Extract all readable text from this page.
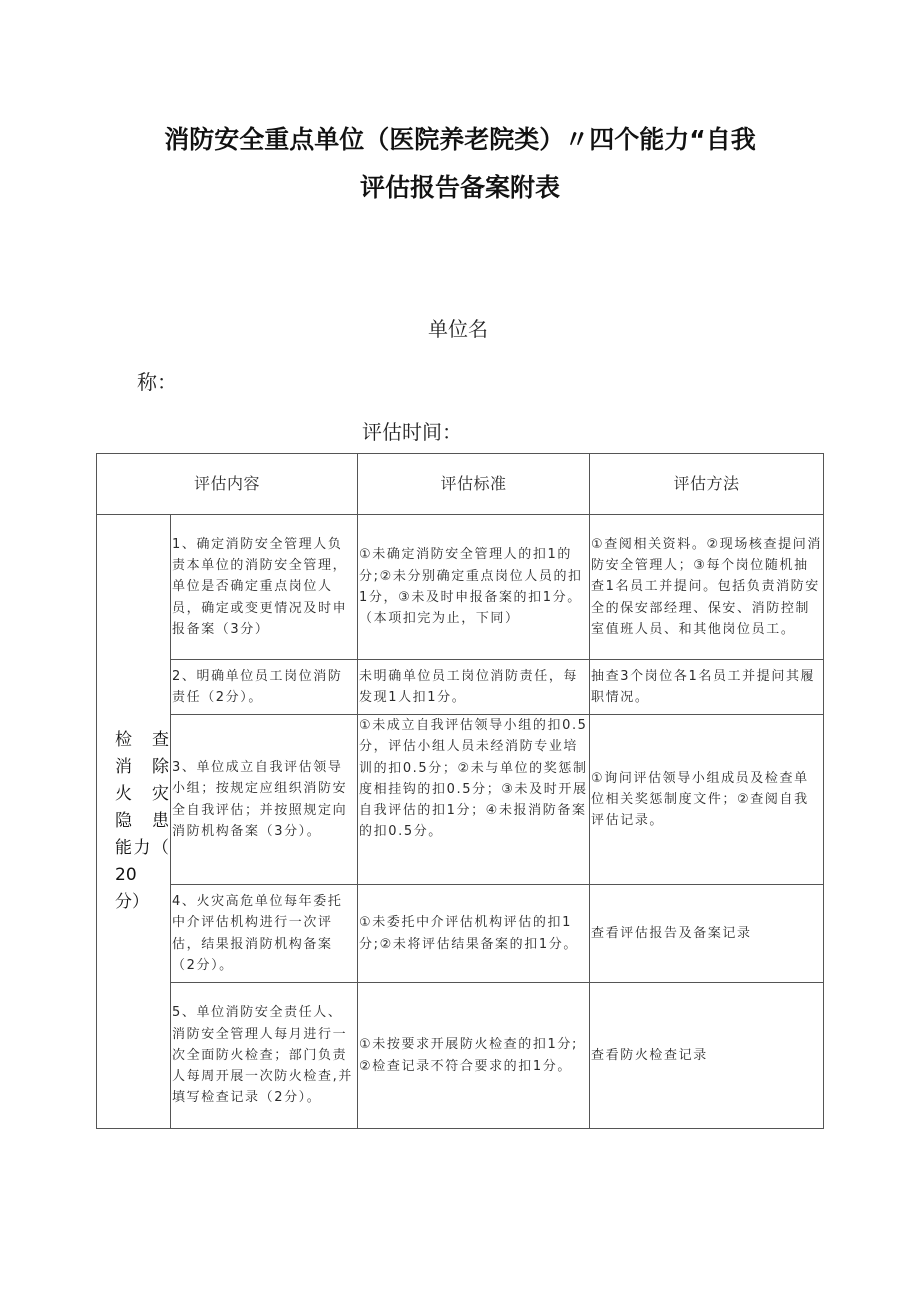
消防安全重点单位（医院养老院类）〃四个能力“自我
评估报告备案附表
单位名
称：
评估时间：
评估内容		评估标准	评估方法

检　查
消　除
火　灾
隐　患
能力（
20
分）
	1、确定消防安全管理人负责本单位的消防安全管理，单位是否确定重点岗位人员，确定或变更情况及时申报备案（3分）	①未确定消防安全管理人的扣1的分;②未分别确定重点岗位人员的扣1分，③未及时申报备案的扣1分。（本项扣完为止，下同）	①查阅相关资料。②现场核查提问消防安全管理人；③每个岗位随机抽查1名员工并提问。包括负责消防安全的保安部经理、保安、消防控制室值班人员、和其他岗位员工。
	2、明确单位员工岗位消防责任（2分）。	未明确单位员工岗位消防责任，每发现1人扣1分。	抽查3个岗位各1名员工并提问其履职情况。
	3、单位成立自我评估领导小组；按规定应组织消防安全自我评估；并按照规定向消防机构备案（3分）。	①未成立自我评估领导小组的扣0.5分，评估小组人员未经消防专业培训的扣0.5分；②未与单位的奖惩制度相挂钩的扣0.5分；③未及时开展自我评估的扣1分；④未报消防备案的扣0.5分。	①询问评估领导小组成员及检查单位相关奖惩制度文件；②查阅自我评估记录。
	4、火灾高危单位每年委托中介评估机构进行一次评估，结果报消防机构备案（2分）。	①未委托中介评估机构评估的扣1分;②未将评估结果备案的扣1分。	查看评估报告及备案记录
	5、单位消防安全责任人、消防安全管理人每月进行一次全面防火检查；部门负责人每周开展一次防火检查,并填写检查记录（2分）。	①未按要求开展防火检查的扣1分;②检查记录不符合要求的扣1分。	查看防火检查记录
